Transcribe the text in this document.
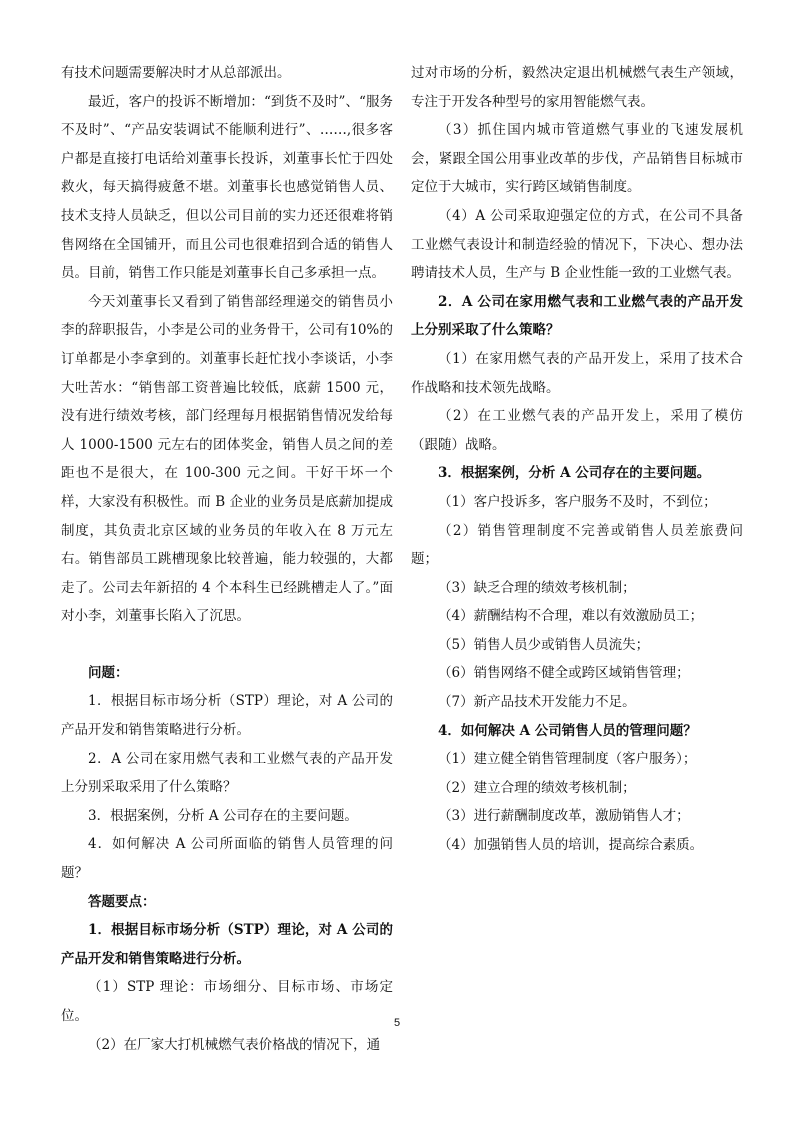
有技术问题需要解决时才从总部派出。

最近，客户的投诉不断增加：“到货不及时”、“服务不及时”、“产品安装调试不能顺利进行”、……,很多客户都是直接打电话给刘董事长投诉，刘董事长忙于四处救火，每天搞得疲惫不堪。刘董事长也感觉销售人员、技术支持人员缺乏，但以公司目前的实力还还很难将销售网络在全国铺开，而且公司也很难招到合适的销售人员。目前，销售工作只能是刘董事长自己多承担一点。

今天刘董事长又看到了销售部经理递交的销售员小李的辞职报告，小李是公司的业务骨干，公司有10%的订单都是小李拿到的。刘董事长赶忙找小李谈话，小李大吐苦水：“销售部工资普遍比较低，底薪 1500 元，没有进行绩效考核，部门经理每月根据销售情况发给每人 1000-1500 元左右的团体奖金，销售人员之间的差距也不是很大，在 100-300 元之间。干好干坏一个样，大家没有积极性。而 B 企业的业务员是底薪加提成制度，其负责北京区域的业务员的年收入在 8 万元左右。销售部员工跳槽现象比较普遍，能力较强的，大都走了。公司去年新招的 4 个本科生已经跳槽走人了。”面对小李，刘董事长陷入了沉思。

问题：

1．根据目标市场分析（STP）理论，对 A 公司的产品开发和销售策略进行分析。

2．A 公司在家用燃气表和工业燃气表的产品开发上分别采取采用了什么策略？

3．根据案例，分析 A 公司存在的主要问题。

4．如何解决 A 公司所面临的销售人员管理的问题？

答题要点：

1．根据目标市场分析（STP）理论，对 A 公司的产品开发和销售策略进行分析。

（1）STP 理论：市场细分、目标市场、市场定位。

（2）在厂家大打机械燃气表价格战的情况下，通

过对市场的分析，毅然决定退出机械燃气表生产领域，专注于开发各种型号的家用智能燃气表。

（3）抓住国内城市管道燃气事业的飞速发展机会，紧跟全国公用事业改革的步伐，产品销售目标城市定位于大城市，实行跨区域销售制度。

（4）A 公司采取迎强定位的方式，在公司不具备工业燃气表设计和制造经验的情况下，下决心、想办法聘请技术人员，生产与 B 企业性能一致的工业燃气表。

2．A 公司在家用燃气表和工业燃气表的产品开发上分别采取了什么策略？

（1）在家用燃气表的产品开发上，采用了技术合作战略和技术领先战略。

（2）在工业燃气表的产品开发上，采用了模仿（跟随）战略。

3．根据案例，分析 A 公司存在的主要问题。

（1）客户投诉多，客户服务不及时，不到位；

（2）销售管理制度不完善或销售人员差旅费问题；

（3）缺乏合理的绩效考核机制；

（4）薪酬结构不合理，难以有效激励员工；

（5）销售人员少或销售人员流失；

（6）销售网络不健全或跨区域销售管理；

（7）新产品技术开发能力不足。

4．如何解决 A 公司销售人员的管理问题？

（1）建立健全销售管理制度（客户服务）；

（2）建立合理的绩效考核机制；

（3）进行薪酬制度改革，激励销售人才；

（4）加强销售人员的培训，提高综合素质。

5
